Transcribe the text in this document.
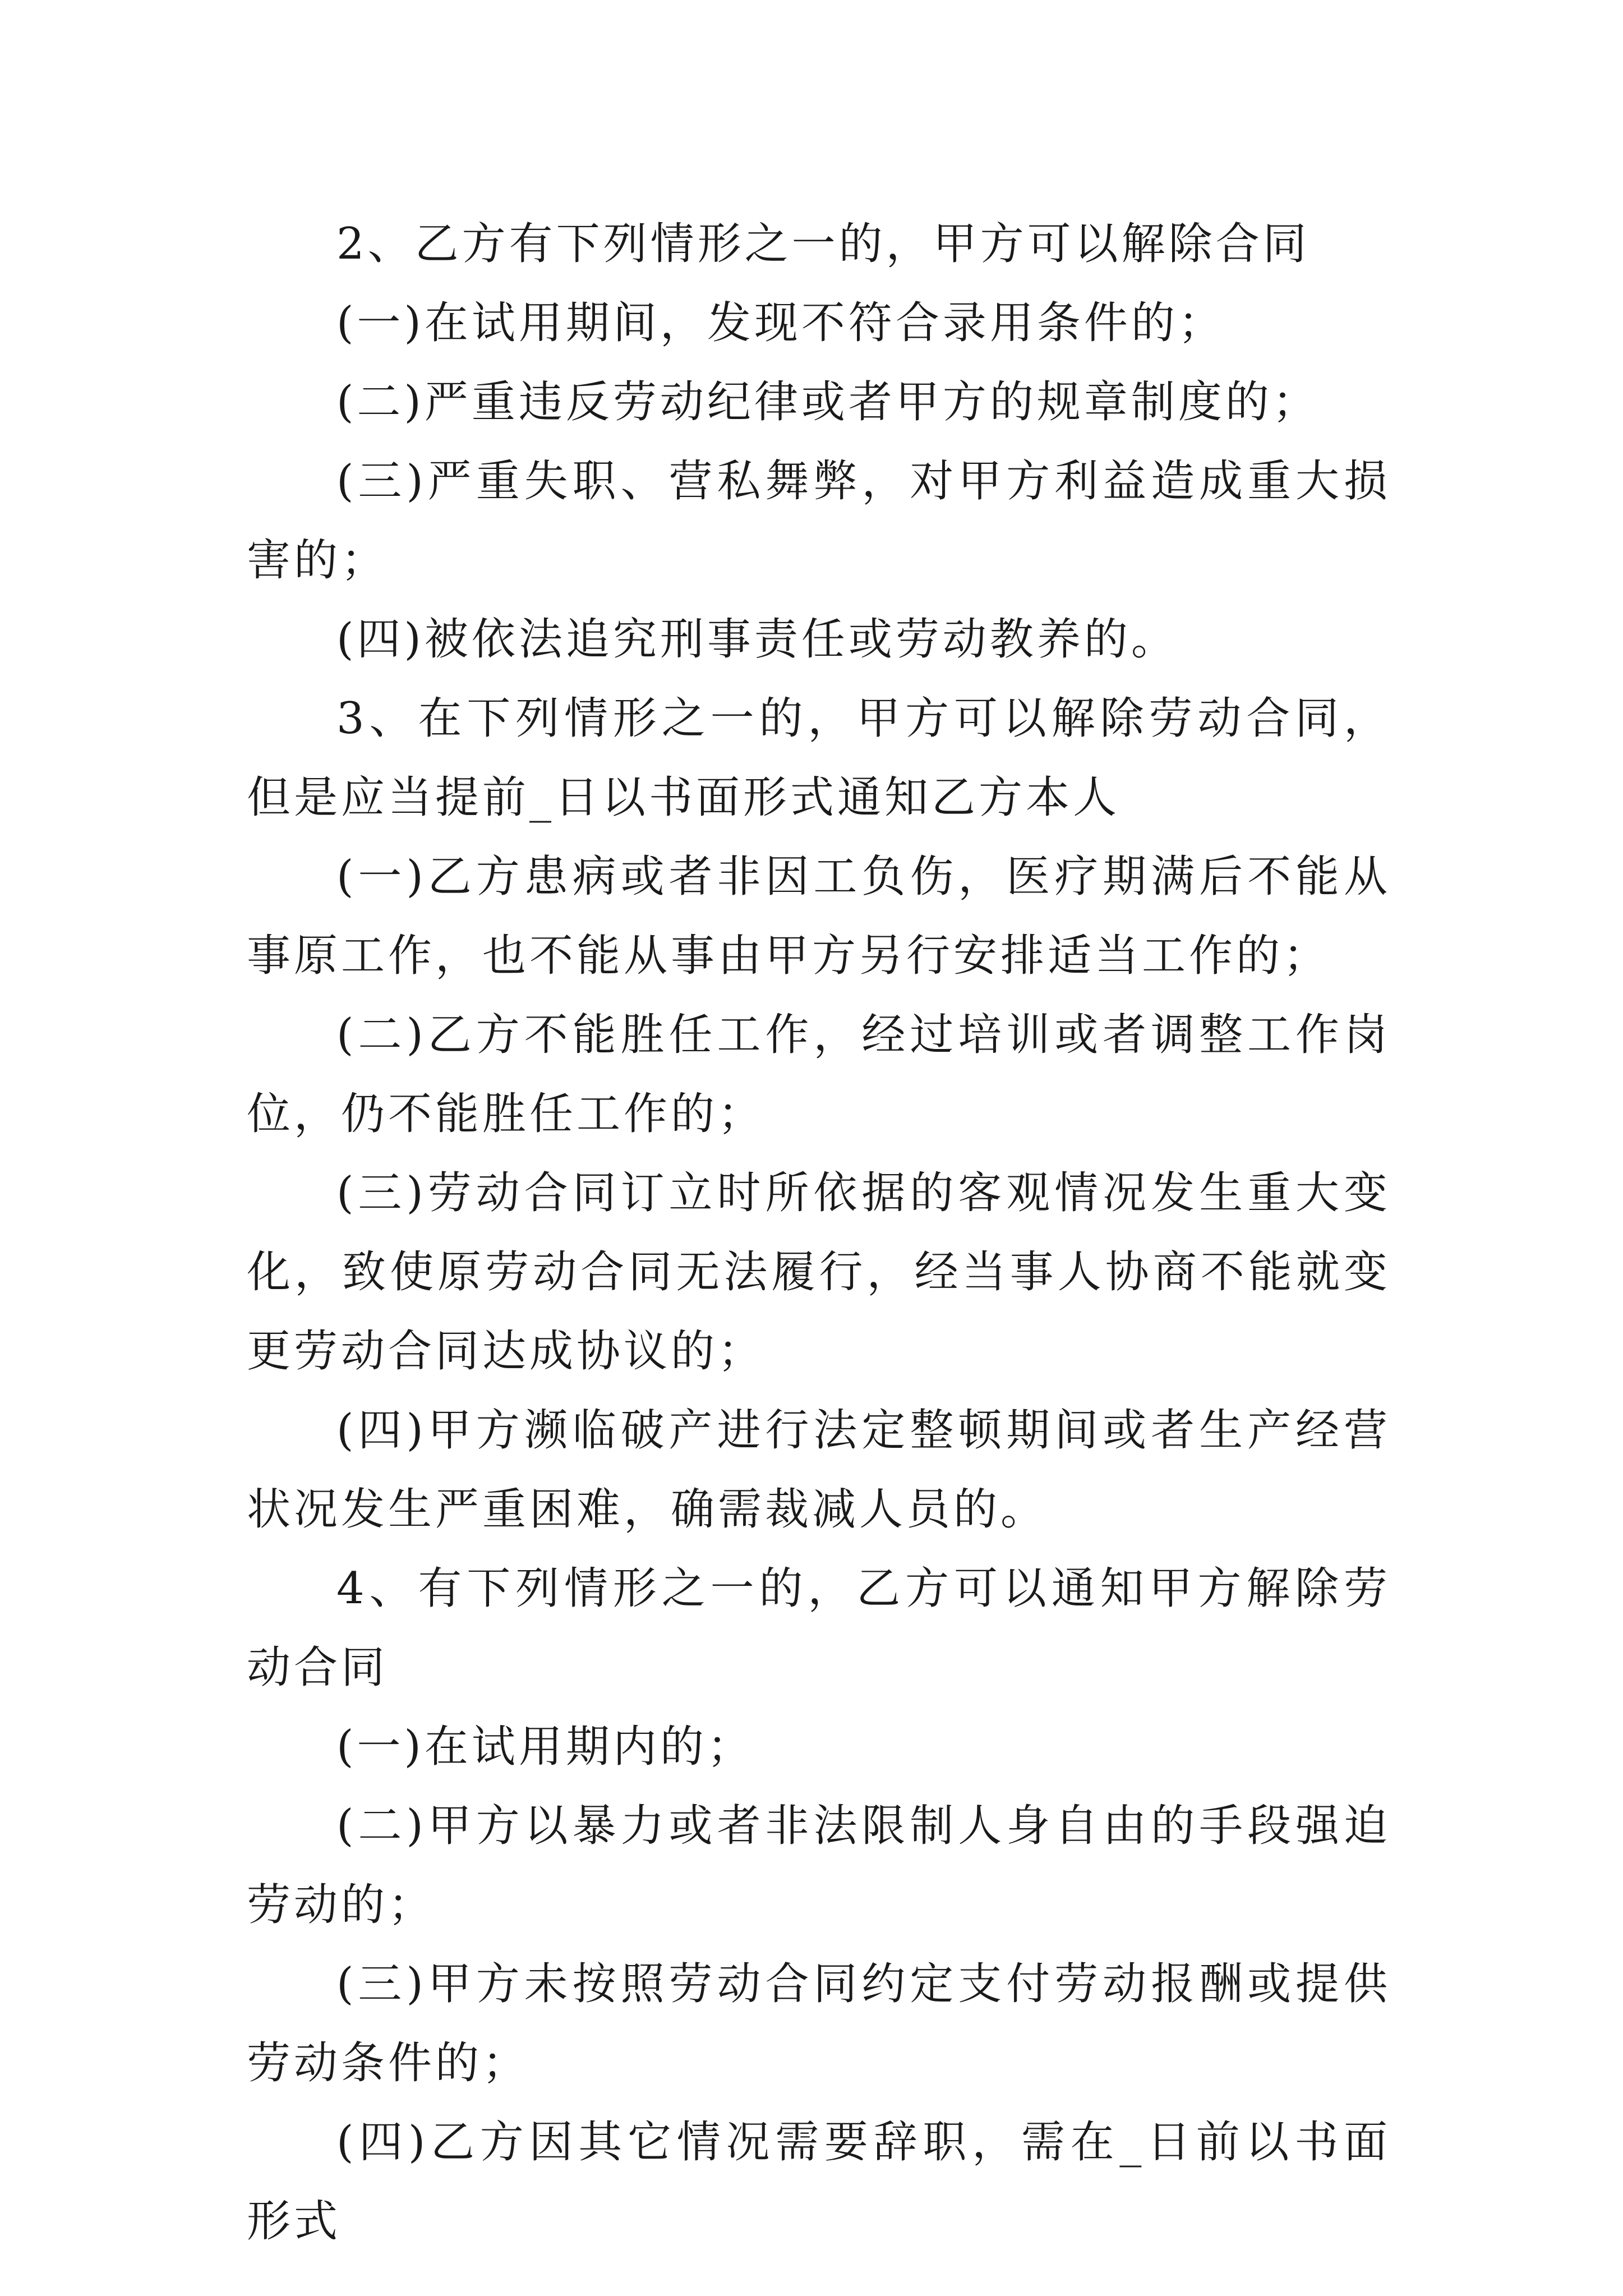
2、乙方有下列情形之一的，甲方可以解除合同

(一)在试用期间，发现不符合录用条件的；

(二)严重违反劳动纪律或者甲方的规章制度的；

(三)严重失职、营私舞弊，对甲方利益造成重大损害的；

(四)被依法追究刑事责任或劳动教养的。

3、在下列情形之一的，甲方可以解除劳动合同，但是应当提前_日以书面形式通知乙方本人

(一)乙方患病或者非因工负伤，医疗期满后不能从事原工作，也不能从事由甲方另行安排适当工作的；

(二)乙方不能胜任工作，经过培训或者调整工作岗位，仍不能胜任工作的；

(三)劳动合同订立时所依据的客观情况发生重大变化，致使原劳动合同无法履行，经当事人协商不能就变更劳动合同达成协议的；

(四)甲方濒临破产进行法定整顿期间或者生产经营状况发生严重困难，确需裁减人员的。

4、有下列情形之一的，乙方可以通知甲方解除劳动合同

(一)在试用期内的；

(二)甲方以暴力或者非法限制人身自由的手段强迫劳动的；

(三)甲方未按照劳动合同约定支付劳动报酬或提供劳动条件的；

(四)乙方因其它情况需要辞职，需在_日前以书面形式
